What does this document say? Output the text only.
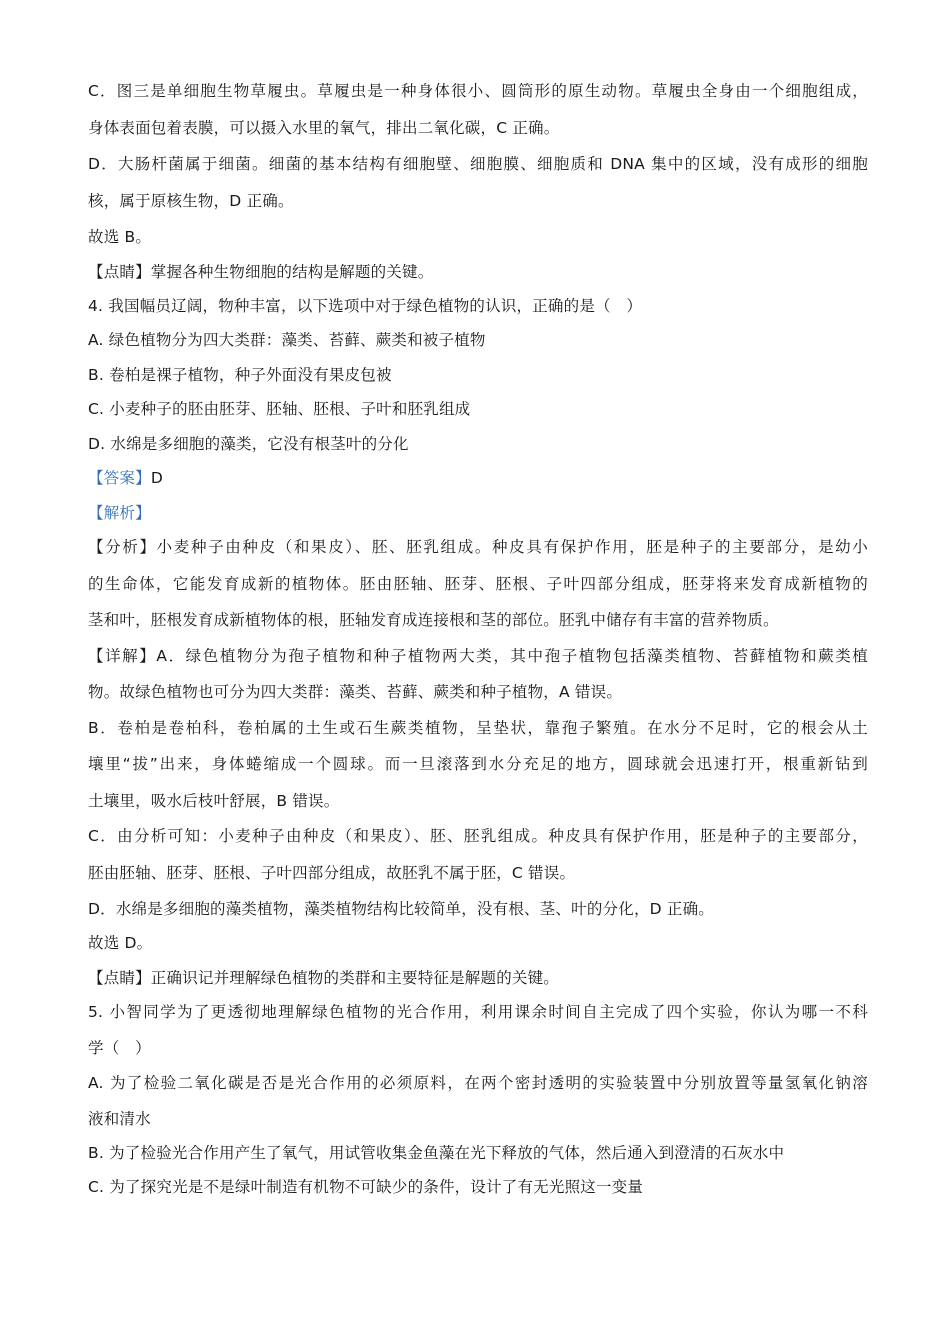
C．图三是单细胞生物草履虫。草履虫是一种身体很小、圆筒形的原生动物。草履虫全身由一个细胞组成，
身体表面包着表膜，可以摄入水里的氧气，排出二氧化碳，C 正确。
D．大肠杆菌属于细菌。细菌的基本结构有细胞壁、细胞膜、细胞质和 DNA 集中的区域，没有成形的细胞
核，属于原核生物，D 正确。
故选 B。
【点睛】掌握各种生物细胞的结构是解题的关键。
4. 我国幅员辽阔，物种丰富，以下选项中对于绿色植物的认识，正确的是（　）
A. 绿色植物分为四大类群：藻类、苔藓、蕨类和被子植物
B. 卷柏是裸子植物，种子外面没有果皮包被
C. 小麦种子的胚由胚芽、胚轴、胚根、子叶和胚乳组成
D. 水绵是多细胞的藻类，它没有根茎叶的分化
【答案】D
【解析】
【分析】小麦种子由种皮（和果皮）、胚、胚乳组成。种皮具有保护作用，胚是种子的主要部分，是幼小
的生命体，它能发育成新的植物体。胚由胚轴、胚芽、胚根、子叶四部分组成，胚芽将来发育成新植物的
茎和叶，胚根发育成新植物体的根，胚轴发育成连接根和茎的部位。胚乳中储存有丰富的营养物质。
【详解】A．绿色植物分为孢子植物和种子植物两大类，其中孢子植物包括藻类植物、苔藓植物和蕨类植
物。故绿色植物也可分为四大类群：藻类、苔藓、蕨类和种子植物，A 错误。
B．卷柏是卷柏科，卷柏属的土生或石生蕨类植物，呈垫状，靠孢子繁殖。在水分不足时，它的根会从土
壤里“拔”出来，身体蜷缩成一个圆球。而一旦滚落到水分充足的地方，圆球就会迅速打开，根重新钻到
土壤里，吸水后枝叶舒展，B 错误。
C．由分析可知：小麦种子由种皮（和果皮）、胚、胚乳组成。种皮具有保护作用，胚是种子的主要部分，
胚由胚轴、胚芽、胚根、子叶四部分组成，故胚乳不属于胚，C 错误。
D．水绵是多细胞的藻类植物，藻类植物结构比较简单，没有根、茎、叶的分化，D 正确。
故选 D。
【点睛】正确识记并理解绿色植物的类群和主要特征是解题的关键。
5. 小智同学为了更透彻地理解绿色植物的光合作用，利用课余时间自主完成了四个实验，你认为哪一不科
学（　）
A. 为了检验二氧化碳是否是光合作用的必须原料，在两个密封透明的实验装置中分别放置等量氢氧化钠溶
液和清水
B. 为了检验光合作用产生了氧气，用试管收集金鱼藻在光下释放的气体，然后通入到澄清的石灰水中
C. 为了探究光是不是绿叶制造有机物不可缺少的条件，设计了有无光照这一变量
